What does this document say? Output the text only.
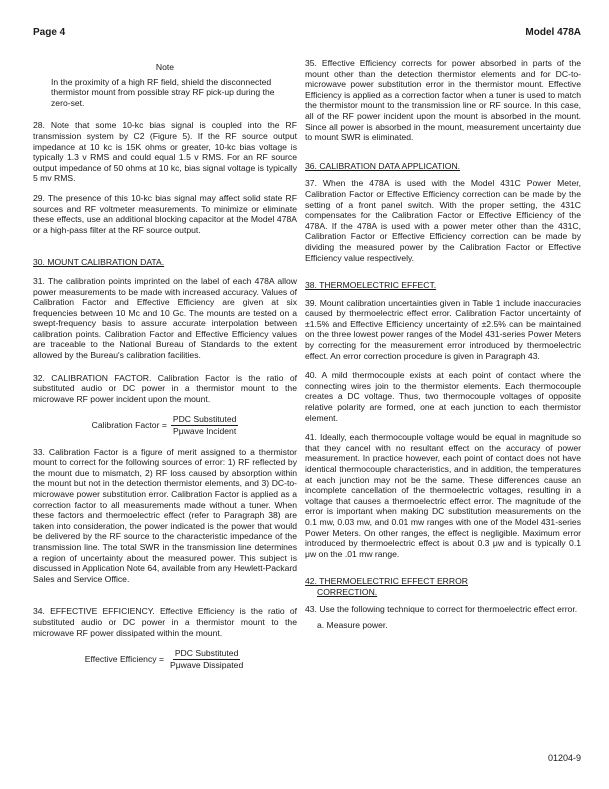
Page 4	Model 478A

Note

In the proximity of a high RF field, shield the disconnected thermistor mount from possible stray RF pick-up during the zero-set.

28. Note that some 10-kc bias signal is coupled into the RF transmission system by C2 (Figure 5). If the RF source output impedance at 10 kc is 15K ohms or greater, 10-kc bias voltage is typically 1.3 v RMS and could equal 1.5 v RMS. For an RF source output impedance of 50 ohms at 10 kc, bias signal voltage is typically 5 mv RMS.

29. The presence of this 10-kc bias signal may affect solid state RF sources and RF voltmeter measurements. To minimize or eliminate these effects, use an additional blocking capacitor at the Model 478A or a high-pass filter at the RF source output.

30. MOUNT CALIBRATION DATA.

31. The calibration points imprinted on the label of each 478A allow power measurements to be made with increased accuracy. Values of Calibration Factor and Effective Efficiency are given at six frequencies between 10 Mc and 10 Gc. The mounts are tested on a swept-frequency basis to assure accurate interpolation between calibration points. Calibration Factor and Effective Efficiency values are traceable to the National Bureau of Standards to the extent allowed by the Bureau's calibration facilities.

32. CALIBRATION FACTOR. Calibration Factor is the ratio of substituted audio or DC power in a thermistor mount to the microwave RF power incident upon the mount.

Calibration Factor = $\frac{\text{PDC Substituted}}{\text{Pμwave Incident}}$

33. Calibration Factor is a figure of merit assigned to a thermistor mount to correct for the following sources of error: 1) RF reflected by the mount due to mismatch, 2) RF loss caused by absorption within the mount but not in the detection thermistor elements, and 3) DC-to-microwave power substitution error. Calibration Factor is applied as a correction factor to all measurements made without a tuner. When these factors and thermoelectric effect (refer to Paragraph 38) are taken into consideration, the power indicated is the power that would be delivered by the RF source to the characteristic impedance of the transmission line. The total SWR in the transmission line determines a region of uncertainty about the measured power. This subject is discussed in Application Note 64, available from any Hewlett-Packard Sales and Service Office.

34. EFFECTIVE EFFICIENCY. Effective Efficiency is the ratio of substituted audio or DC power in a thermistor mount to the microwave RF power dissipated within the mount.

Effective Efficiency = $\frac{\text{PDC Substituted}}{\text{Pμwave Dissipated}}$

35. Effective Efficiency corrects for power absorbed in parts of the mount other than the detection thermistor elements and for DC-to-microwave power substitution error in the thermistor mount. Effective Efficiency is applied as a correction factor when a tuner is used to match the thermistor mount to the transmission line or RF source. In this case, all of the RF power incident upon the mount is absorbed in the mount. Since all power is absorbed in the mount, measurement uncertainty due to mount SWR is eliminated.

36. CALIBRATION DATA APPLICATION.

37. When the 478A is used with the Model 431C Power Meter, Calibration Factor or Effective Efficiency correction can be made by the setting of a front panel switch. With the proper setting, the 431C compensates for the Calibration Factor or Effective Efficiency of the 478A. If the 478A is used with a power meter other than the 431C, Calibration Factor or Effective Efficiency correction can be made by dividing the measured power by the Calibration Factor or Effective Efficiency value respectively.

38. THERMOELECTRIC EFFECT.

39. Mount calibration uncertainties given in Table 1 include inaccuracies caused by thermoelectric effect error. Calibration Factor uncertainty of ±1.5% and Effective Efficiency uncertainty of ±2.5% can be maintained on the three lowest power ranges of the Model 431-series Power Meters by correcting for the measurement error introduced by thermoelectric effect. An error correction procedure is given in Paragraph 43.

40. A mild thermocouple exists at each point of contact where the connecting wires join to the thermistor elements. Each thermocouple creates a DC voltage. Thus, two thermocouple voltages of opposite relative polarity are formed, one at each junction to each thermistor element.

41. Ideally, each thermocouple voltage would be equal in magnitude so that they cancel with no resultant effect on the accuracy of power measurement. In practice however, each point of contact does not have identical thermocouple characteristics, and in addition, the temperatures at each junction may not be the same. These differences cause an incomplete cancellation of the thermoelectric voltages, resulting in a voltage that causes a thermoelectric effect error. The magnitude of the error is important when making DC substitution measurements on the 0.1 mw, 0.03 mw, and 0.01 mw ranges with one of the Model 431-series Power Meters. On other ranges, the effect is negligible. Maximum error introduced by thermoelectric effect is about 0.3 μw and is typically 0.1 μw on the .01 mw range.

42. THERMOELECTRIC EFFECT ERROR

CORRECTION.

43. Use the following technique to correct for thermoelectric effect error.

a. Measure power.

01204-9
